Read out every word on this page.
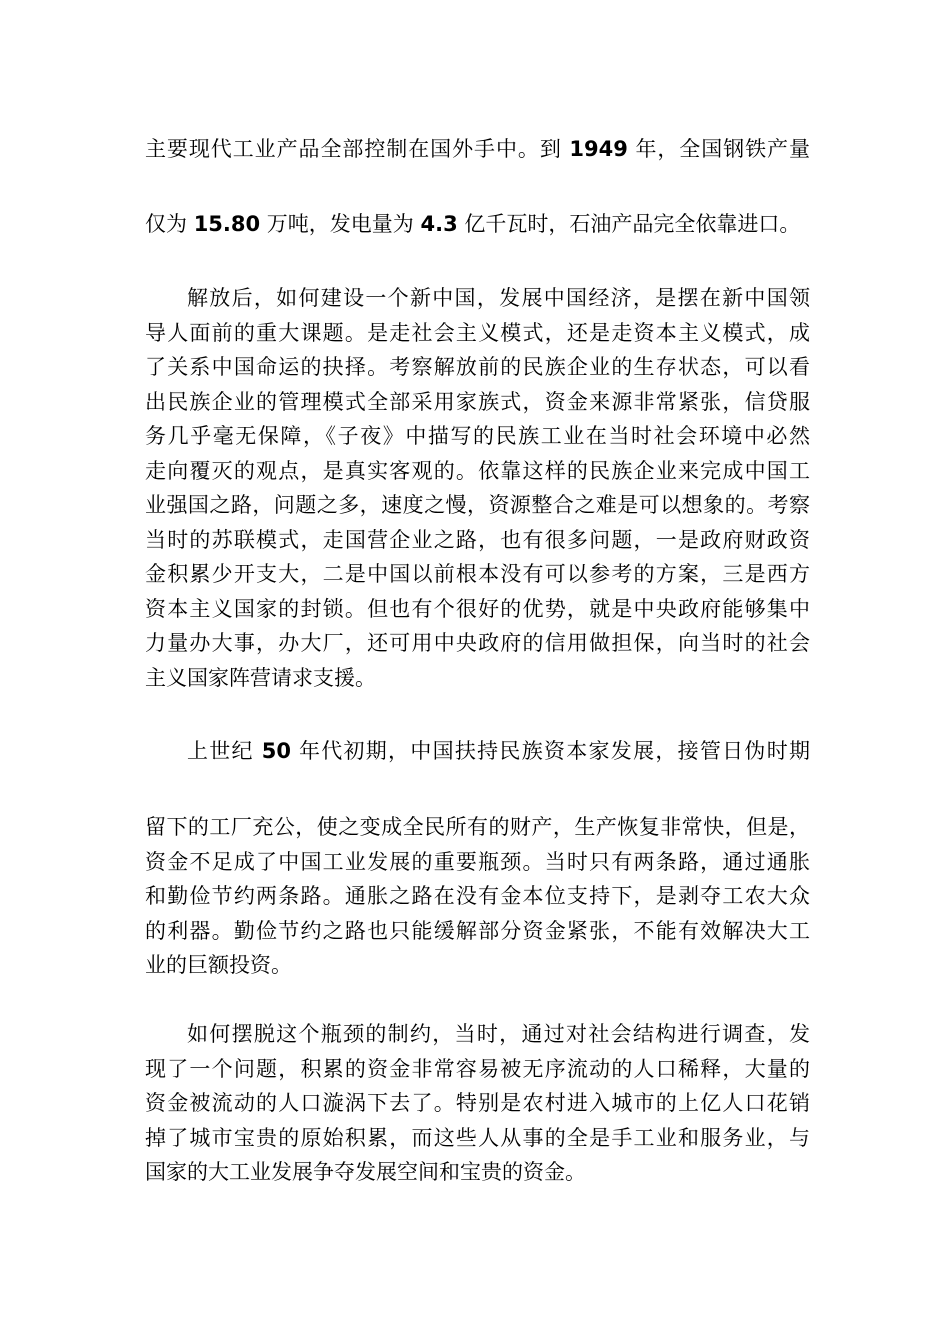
主要现代工业产品全部控制在国外手中。到 1949 年，全国钢铁产量
仅为 15.80 万吨，发电量为 4.3 亿千瓦时，石油产品完全依靠进口。
解放后，如何建设一个新中国，发展中国经济，是摆在新中国领
导人面前的重大课题。是走社会主义模式，还是走资本主义模式，成
了关系中国命运的抉择。考察解放前的民族企业的生存状态，可以看
出民族企业的管理模式全部采用家族式，资金来源非常紧张，信贷服
务几乎毫无保障，《子夜》中描写的民族工业在当时社会环境中必然
走向覆灭的观点，是真实客观的。依靠这样的民族企业来完成中国工
业强国之路，问题之多，速度之慢，资源整合之难是可以想象的。考察
当时的苏联模式，走国营企业之路，也有很多问题，一是政府财政资
金积累少开支大，二是中国以前根本没有可以参考的方案，三是西方
资本主义国家的封锁。但也有个很好的优势，就是中央政府能够集中
力量办大事，办大厂，还可用中央政府的信用做担保，向当时的社会
主义国家阵营请求支援。
上世纪 50 年代初期，中国扶持民族资本家发展，接管日伪时期
留下的工厂充公，使之变成全民所有的财产，生产恢复非常快，但是，
资金不足成了中国工业发展的重要瓶颈。当时只有两条路，通过通胀
和勤俭节约两条路。通胀之路在没有金本位支持下，是剥夺工农大众
的利器。勤俭节约之路也只能缓解部分资金紧张，不能有效解决大工
业的巨额投资。
如何摆脱这个瓶颈的制约，当时，通过对社会结构进行调查，发
现了一个问题，积累的资金非常容易被无序流动的人口稀释，大量的
资金被流动的人口漩涡下去了。特别是农村进入城市的上亿人口花销
掉了城市宝贵的原始积累，而这些人从事的全是手工业和服务业，与
国家的大工业发展争夺发展空间和宝贵的资金。
